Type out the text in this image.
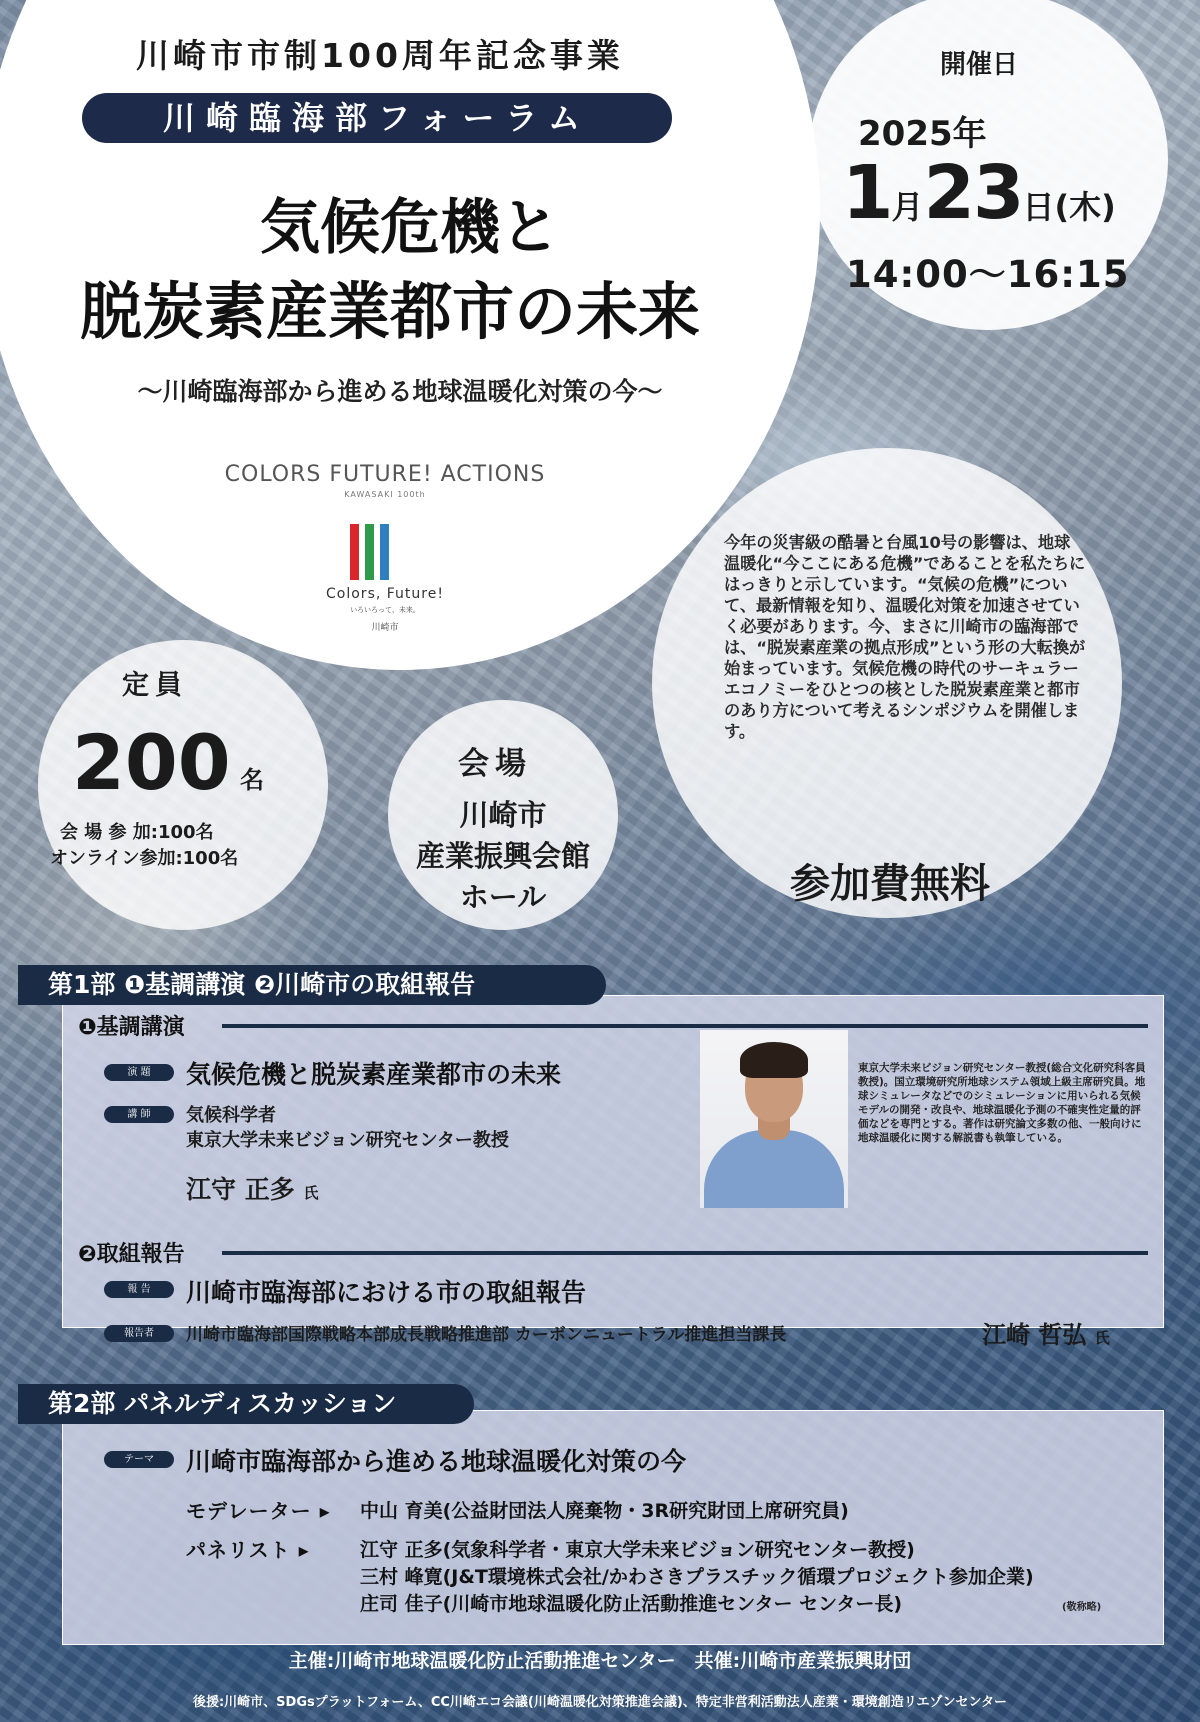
川崎市市制100周年記念事業
川崎臨海部フォーラム
気候危機と
脱炭素産業都市の未来
～川崎臨海部から進める地球温暖化対策の今～
COLORS FUTURE! ACTIONS
KAWASAKI 100th
Colors, Future!
いろいろって、未来。
川崎市
開催日
2025年
1月23日(木)
14:00～16:15
今年の災害級の酷暑と台風10号の影響は、地球温暖化“今ここにある危機”であることを私たちにはっきりと示しています。“気候の危機”について、最新情報を知り、温暖化対策を加速させていく必要があります。今、まさに川崎市の臨海部では、“脱炭素産業の拠点形成”という形の大転換が始まっています。気候危機の時代のサーキュラーエコノミーをひとつの核とした脱炭素産業と都市のあり方について考えるシンポジウムを開催します。
参加費無料
定員
200 名
会 場 参 加:100名
オンライン参加:100名
会場
川崎市
産業振興会館
ホール
第1部 ❶基調講演 ❷川崎市の取組報告
❶基調講演
演 題	気候危機と脱炭素産業都市の未来
講 師	気候科学者
東京大学未来ビジョン研究センター教授
江守 正多 氏
東京大学未来ビジョン研究センター教授(総合文化研究科客員教授)。国立環境研究所地球システム領域上級主席研究員。地球シミュレータなどでのシミュレーションに用いられる気候モデルの開発・改良や、地球温暖化予測の不確実性定量的評価などを専門とする。著作は研究論文多数の他、一般向けに地球温暖化に関する解説書も執筆している。
❷取組報告
報 告	川崎市臨海部における市の取組報告
報告者	川崎市臨海部国際戦略本部成長戦略推進部 カーボンニュートラル推進担当課長	江崎 哲弘 氏
第2部 パネルディスカッション
テーマ	川崎市臨海部から進める地球温暖化対策の今
モデレーター ▸ 中山 育美(公益財団法人廃棄物・3R研究財団上席研究員)
パネリスト ▸	江守 正多(気象科学者・東京大学未来ビジョン研究センター教授)
三村 峰寛(J&T環境株式会社/かわさきプラスチック循環プロジェクト参加企業)
庄司 佳子(川崎市地球温暖化防止活動推進センター センター長)	(敬称略)
主催:川崎市地球温暖化防止活動推進センター　共催:川崎市産業振興財団
後援:川崎市、SDGsプラットフォーム、CC川崎エコ会議(川崎温暖化対策推進会議)、特定非営利活動法人産業・環境創造リエゾンセンター
